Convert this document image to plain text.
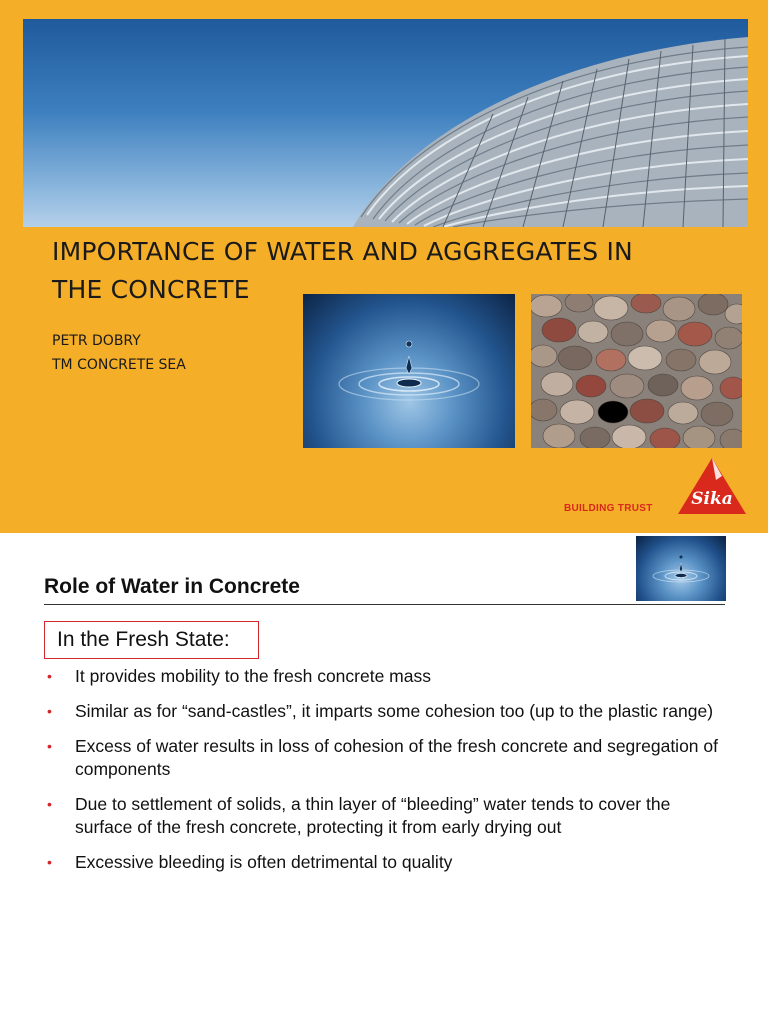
IMPORTANCE OF WATER AND AGGREGATES IN
THE CONCRETE
PETR DOBRY
TM CONCRETE SEA
BUILDING TRUST Sika
Role of Water in Concrete
In the Fresh State:
• It provides mobility to the fresh concrete mass
• Similar as for “sand-castles”, it imparts some cohesion too (up to the plastic range)
• Excess of water results in loss of cohesion of the fresh concrete and segregation of components
• Due to settlement of solids, a thin layer of “bleeding” water tends to cover the surface of the fresh concrete, protecting it from early drying out
• Excessive bleeding is often detrimental to quality
